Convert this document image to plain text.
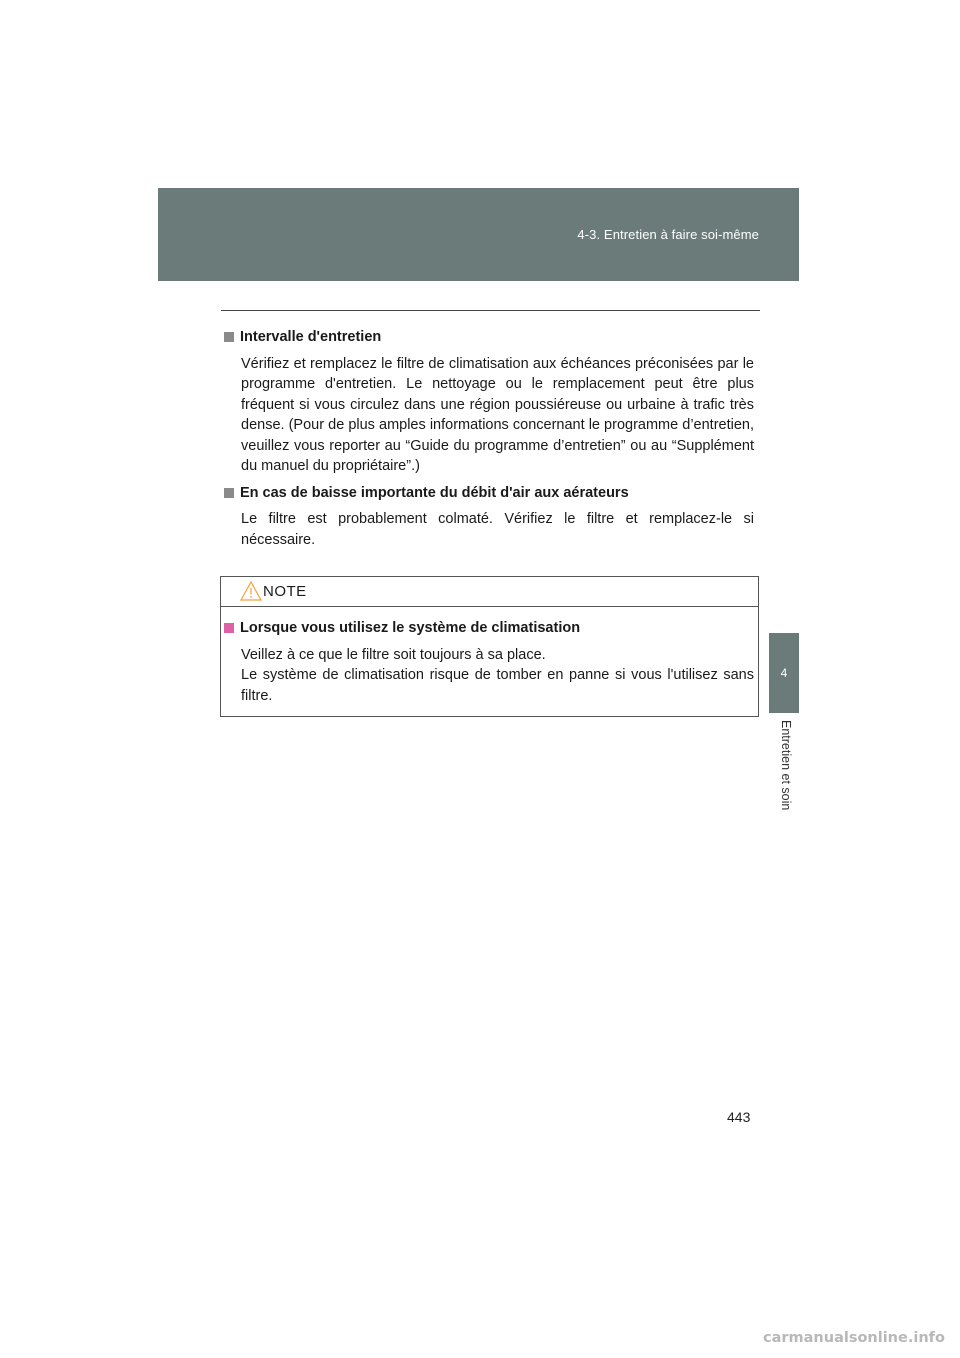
4-3. Entretien à faire soi-même
4
Entretien et soin
Intervalle d'entretien

Vérifiez et remplacez le filtre de climatisation aux échéances préconisées par le programme d'entretien. Le nettoyage ou le remplacement peut être plus fréquent si vous circulez dans une région poussiéreuse ou urbaine à trafic très dense. (Pour de plus amples informations concernant le programme d’entretien, veuillez vous reporter au “Guide du programme d’entretien” ou au “Supplément du manuel du propriétaire”.)

En cas de baisse importante du débit d'air aux aérateurs

Le filtre est probablement colmaté. Vérifiez le filtre et remplacez-le si nécessaire.

NOTE
Lorsque vous utilisez le système de climatisation

Veillez à ce que le filtre soit toujours à sa place.

Le système de climatisation risque de tomber en panne si vous l'utilisez sans filtre.

443
carmanualsonline.info
